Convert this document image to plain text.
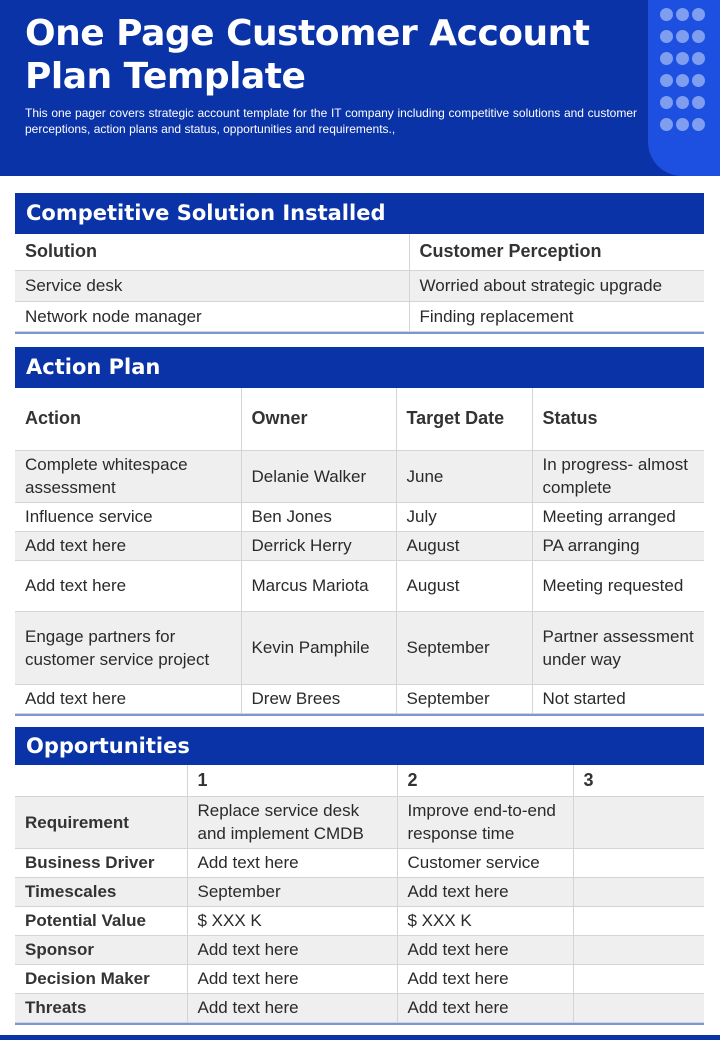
One Page Customer Account Plan Template

This one pager covers strategic account template for the IT company including competitive solutions and customer perceptions, action plans and status, opportunities and requirements.,

Competitive Solution Installed
Solution	Customer Perception
Service desk	Worried about strategic upgrade
Network node manager	Finding replacement
Action Plan
Action	Owner	Target Date	Status
Complete whitespace assessment	Delanie Walker	June	In progress- almost complete
Influence service	Ben Jones	July	Meeting arranged
Add text here	Derrick Herry	August	PA arranging
Add text here	Marcus Mariota	August	Meeting requested
Engage partners for customer service project	Kevin Pamphile	September	Partner assessment under way
Add text here	Drew Brees	September	Not started
Opportunities
	1	2	3
Requirement	Replace service desk and implement CMDB	Improve end-to-end response time	
Business Driver	Add text here	Customer service	
Timescales	September	Add text here	
Potential Value	$ XXX K	$ XXX K	
Sponsor	Add text here	Add text here	
Decision Maker	Add text here	Add text here	
Threats	Add text here	Add text here	
